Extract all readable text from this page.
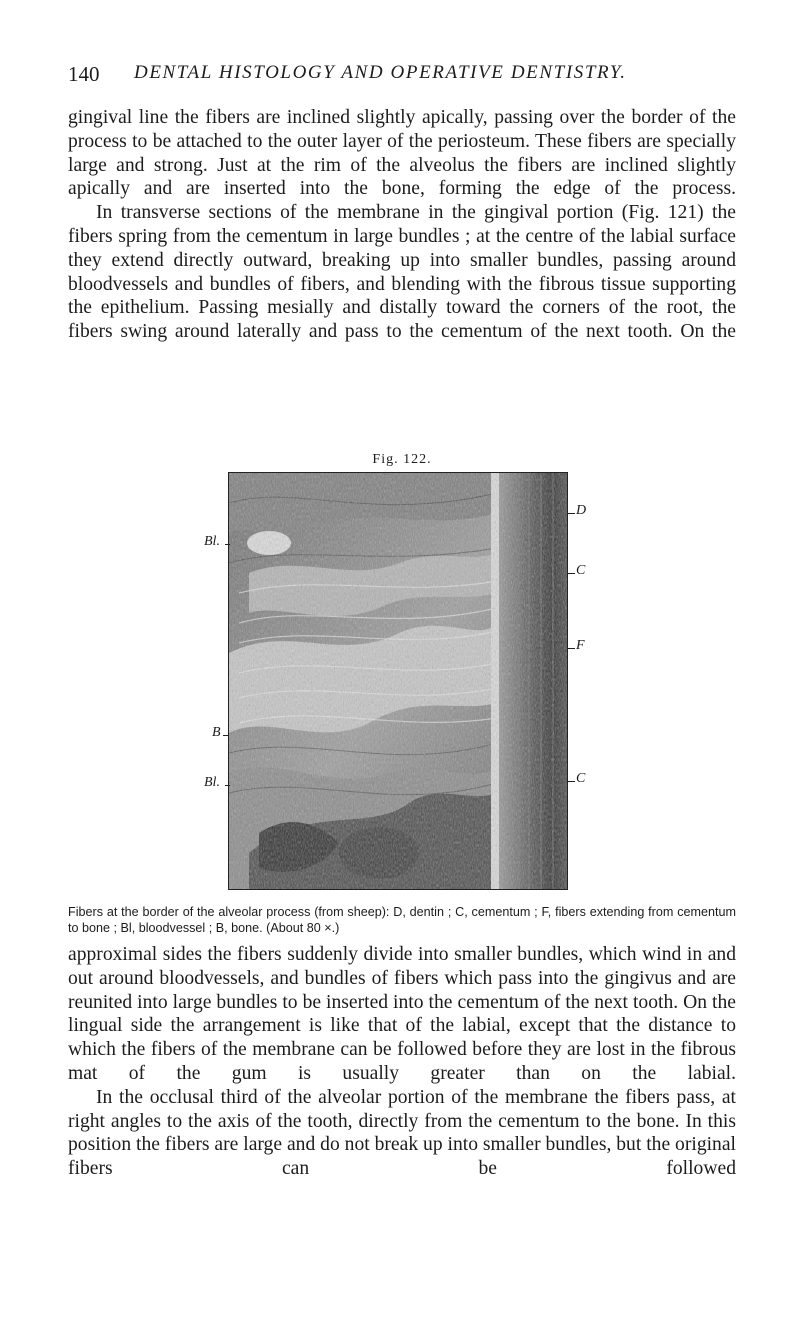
140 DENTAL HISTOLOGY AND OPERATIVE DENTISTRY.

gingival line the fibers are inclined slightly apically, passing over the border of the process to be attached to the outer layer of the periosteum. These fibers are specially large and strong. Just at the rim of the alveolus the fibers are inclined slightly apically and are inserted into the bone, forming the edge of the process.

In transverse sections of the membrane in the gingival portion (Fig. 121) the fibers spring from the cementum in large bundles ; at the centre of the labial surface they extend directly outward, breaking up into smaller bundles, passing around bloodvessels and bundles of fibers, and blending with the fibrous tissue supporting the epithelium. Passing mesially and distally toward the corners of the root, the fibers swing around laterally and pass to the cementum of the next tooth. On the

Fig. 122.
Bl.
B
Bl.
D
C
F
C

Fibers at the border of the alveolar process (from sheep): D, dentin ; C, cementum ; F, fibers extending from cementum to bone ; Bl, bloodvessel ; B, bone. (About 80 ×.)

approximal sides the fibers suddenly divide into smaller bundles, which wind in and out around bloodvessels, and bundles of fibers which pass into the gingivus and are reunited into large bundles to be inserted into the cementum of the next tooth. On the lingual side the arrangement is like that of the labial, except that the distance to which the fibers of the membrane can be followed before they are lost in the fibrous mat of the gum is usually greater than on the labial.

In the occlusal third of the alveolar portion of the membrane the fibers pass, at right angles to the axis of the tooth, directly from the cementum to the bone. In this position the fibers are large and do not break up into smaller bundles, but the original fibers can be followed
